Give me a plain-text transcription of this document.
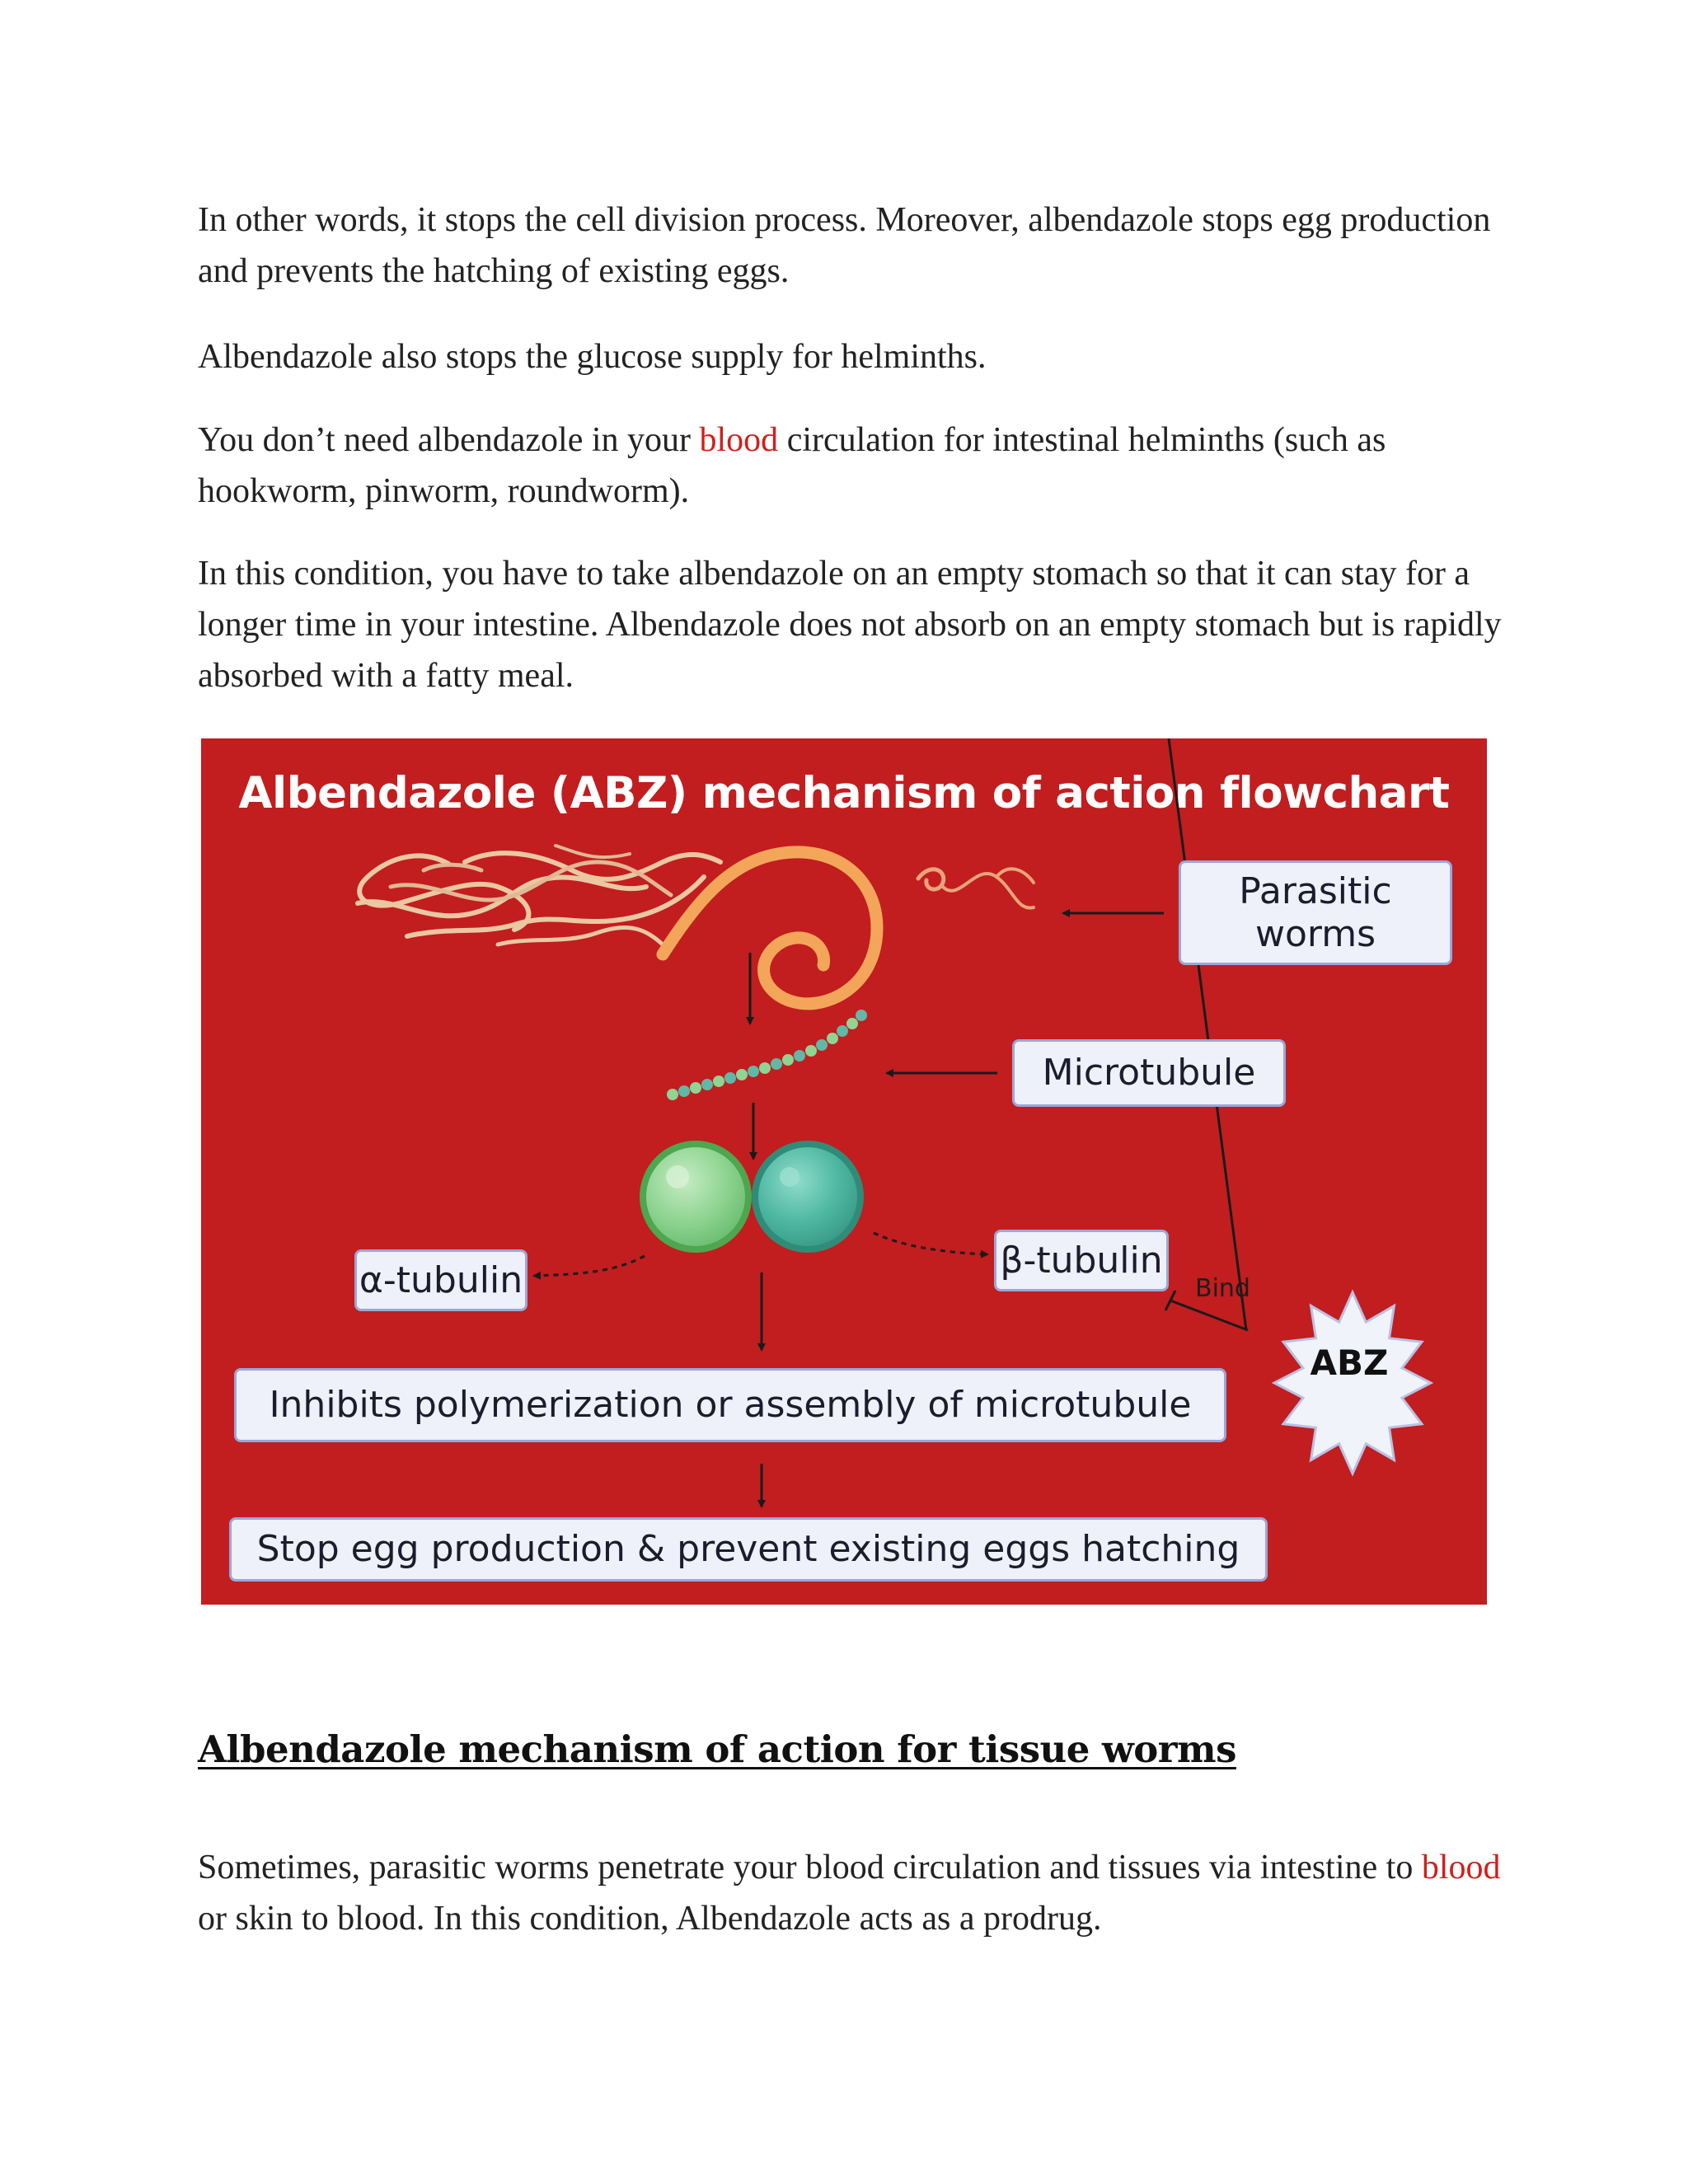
In other words, it stops the cell division process. Moreover, albendazole stops egg production and prevents the hatching of existing eggs.

Albendazole also stops the glucose supply for helminths.

You don’t need albendazole in your blood circulation for intestinal helminths (such as hookworm, pinworm, roundworm).

In this condition, you have to take albendazole on an empty stomach so that it can stay for a longer time in your intestine. Albendazole does not absorb on an empty stomach but is rapidly absorbed with a fatty meal.

Albendazole (ABZ) mechanism of action flowchart
Parasitic worms
Microtubule
α-tubulin	β-tubulin
Inhibits polymerization or assembly of microtubule
Stop egg production & prevent existing eggs hatching
Bind
ABZ
Albendazole mechanism of action for tissue worms

Sometimes, parasitic worms penetrate your blood circulation and tissues via intestine to blood or skin to blood. In this condition, Albendazole acts as a prodrug.
